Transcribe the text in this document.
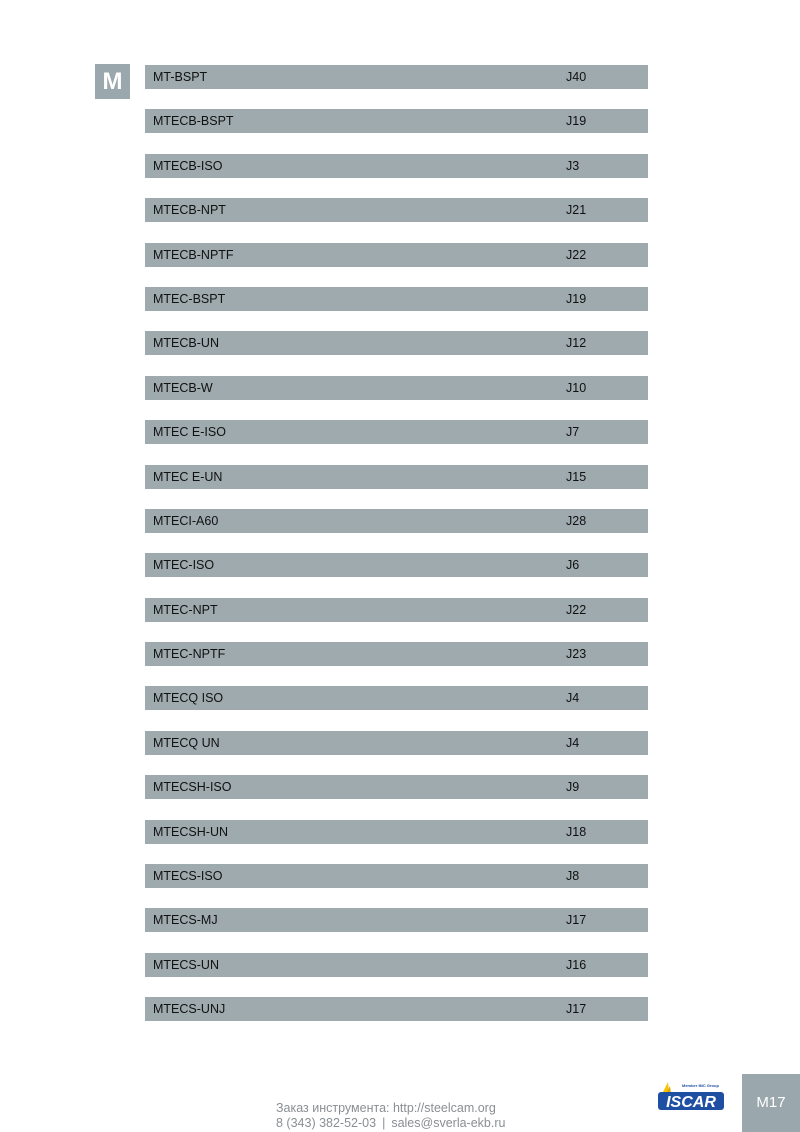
M	MT-BSPT	J40
MTECB-BSPT	J19
MTECB-ISO	J3
MTECB-NPT	J21
MTECB-NPTF	J22
MTEC-BSPT	J19
MTECB-UN	J12
MTECB-W	J10
MTEC E-ISO	J7
MTEC E-UN	J15
MTECI-A60	J28
MTEC-ISO	J6
MTEC-NPT	J22
MTEC-NPTF	J23
MTECQ ISO	J4
MTECQ UN	J4
MTECSH-ISO	J9
MTECSH-UN	J18
MTECS-ISO	J8
MTECS-MJ	J17
MTECS-UN	J16
MTECS-UNJ	J17
Заказ инструмента: http://steelcam.org
8 (343) 382-52-03 | sales@sverla-ekb.ru
Member IMC Group
ISCAR	M17
